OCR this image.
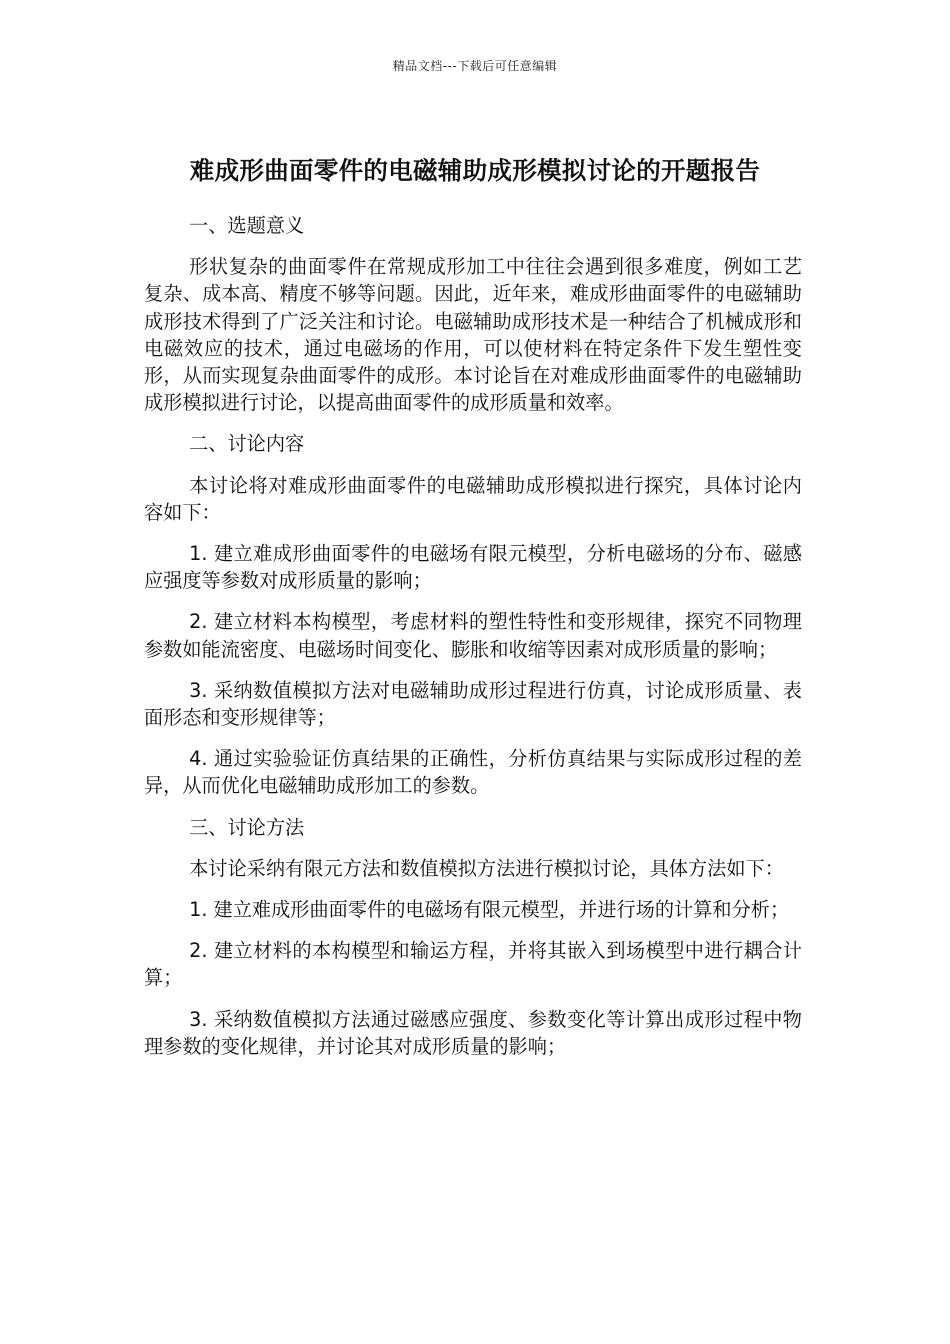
精品文档---下载后可任意编辑
难成形曲面零件的电磁辅助成形模拟讨论的开题报告

一、选题意义

形状复杂的曲面零件在常规成形加工中往往会遇到很多难度，例如工艺复杂、成本高、精度不够等问题。因此，近年来，难成形曲面零件的电磁辅助成形技术得到了广泛关注和讨论。电磁辅助成形技术是一种结合了机械成形和电磁效应的技术，通过电磁场的作用，可以使材料在特定条件下发生塑性变形，从而实现复杂曲面零件的成形。本讨论旨在对难成形曲面零件的电磁辅助成形模拟进行讨论，以提高曲面零件的成形质量和效率。

二、讨论内容

本讨论将对难成形曲面零件的电磁辅助成形模拟进行探究，具体讨论内容如下：

1. 建立难成形曲面零件的电磁场有限元模型，分析电磁场的分布、磁感应强度等参数对成形质量的影响；

2. 建立材料本构模型，考虑材料的塑性特性和变形规律，探究不同物理参数如能流密度、电磁场时间变化、膨胀和收缩等因素对成形质量的影响；

3. 采纳数值模拟方法对电磁辅助成形过程进行仿真，讨论成形质量、表面形态和变形规律等；

4. 通过实验验证仿真结果的正确性，分析仿真结果与实际成形过程的差异，从而优化电磁辅助成形加工的参数。

三、讨论方法

本讨论采纳有限元方法和数值模拟方法进行模拟讨论，具体方法如下：

1. 建立难成形曲面零件的电磁场有限元模型，并进行场的计算和分析；

2. 建立材料的本构模型和输运方程，并将其嵌入到场模型中进行耦合计算；

3. 采纳数值模拟方法通过磁感应强度、参数变化等计算出成形过程中物理参数的变化规律，并讨论其对成形质量的影响；
